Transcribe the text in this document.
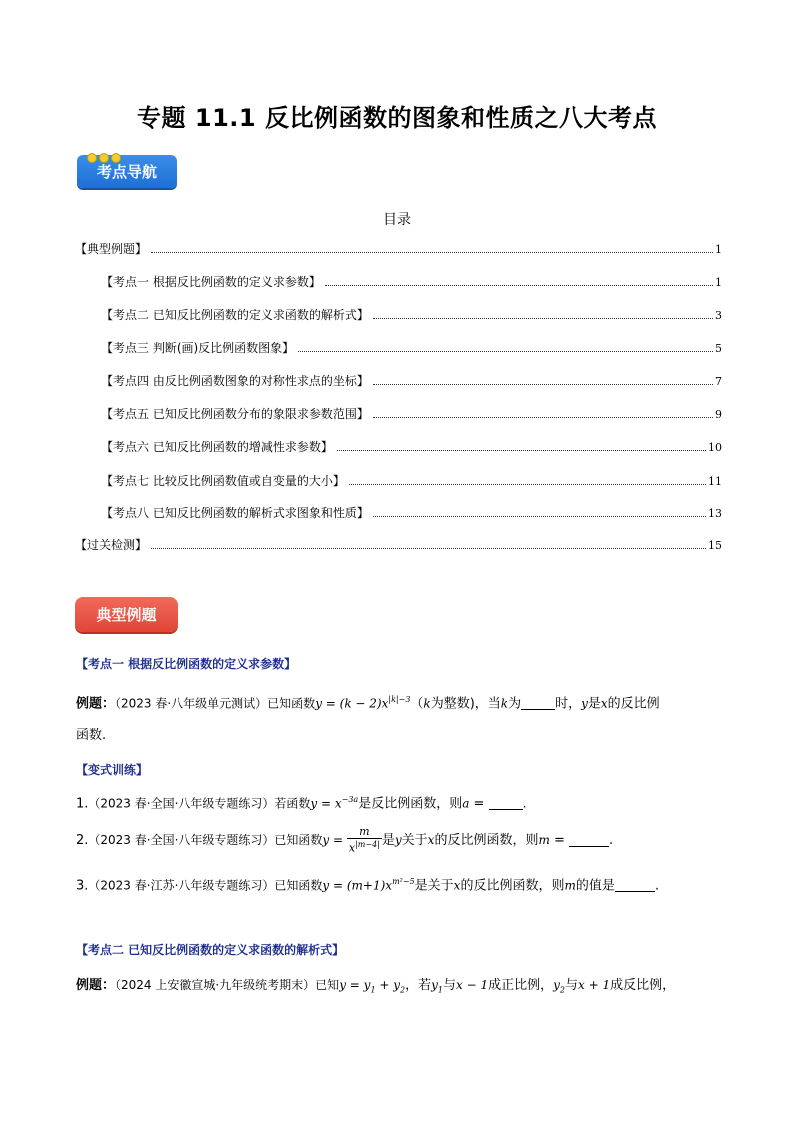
专题 11.1 反比例函数的图象和性质之八大考点
考点导航
目录
【典型例题】	1
【考点一 根据反比例函数的定义求参数】	1
【考点二 已知反比例函数的定义求函数的解析式】	3
【考点三 判断(画)反比例函数图象】	5
【考点四 由反比例函数图象的对称性求点的坐标】	7
【考点五 已知反比例函数分布的象限求参数范围】	9
【考点六 已知反比例函数的增减性求参数】	10
【考点七 比较反比例函数值或自变量的大小】	11
【考点八 已知反比例函数的解析式求图象和性质】	13
【过关检测】	15
典型例题
【考点一 根据反比例函数的定义求参数】
例题：（2023 春·八年级单元测试）已知函数$y = (k - 2)x^{|k|-3}(k$为整数)，当k为	时，y是x的反比例
函数.
【变式训练】
1.（2023 春·全国·八年级专题练习）若函数$y = x^{-3a}$是反比例函数，则a =	.
2.（2023 春·全国·八年级专题练习）已知函数$y = \frac{m}{x^{|m-4|}}$ 是y关于x的反比例函数，则m =	.
3.（2023 春·江苏·八年级专题练习）已知函数$y = (m+1)x^{m^2-5}$是关于x的反比例函数，则m的值是	.
【考点二 已知反比例函数的定义求函数的解析式】
例题：（2024 上安徽宣城·九年级统考期末）已知$y = y_1 + y_2$，若$y_1$与x − 1成正比例，$y_2$与x + 1成反比例，
